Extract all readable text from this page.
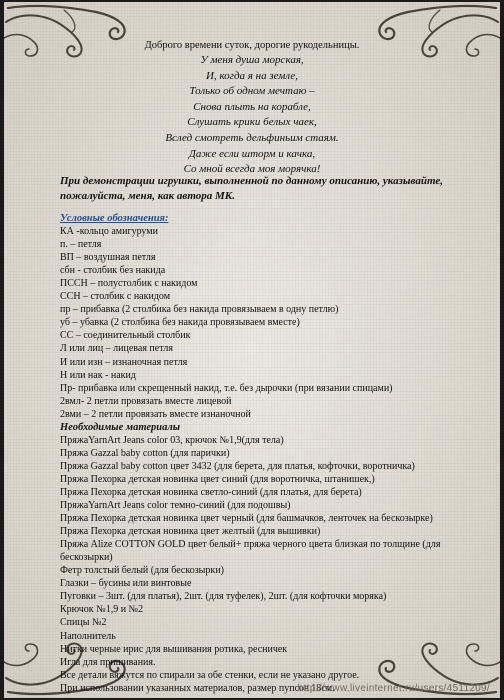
Доброго времени суток, дорогие рукодельницы.
У меня душа морская,
И, когда я на земле,
Только об одном мечтаю –
Снова плыть на корабле,
Слушать крики белых чаек,
Вслед смотреть дельфиньим стаям.
Даже если шторм и качка,
Со мной всегда моя морячка!
При демонстрации игрушки, выполненной по данному описанию, указывайте, пожалуйста, меня, как автора МК.
Условные обозначения:
КА -кольцо амигуруми
п. – петля
ВП – воздушная петля
сбн - столбик без накида
ПССН – полустолбик с накидом
ССН – столбик с накидом
пр – прибавка (2 столбика без накида провязываем в одну петлю)
уб – убавка (2 столбика без накида провязываем вместе)
СС – соединительный столбик
Л или лиц – лицевая петля
И или изн – изнаночная петля
Н или нак - накид
Пр- прибавка или скрещенный накид, т.е. без дырочки (при вязании спицами)
2вмл- 2 петли провязать вместе лицевой
2вми – 2 петли провязать вместе изнаночной
Необходимые материалы
ПряжаYarnArt Jeans color 03, крючок №1,9(для тела)
Пряжа Gazzal baby cotton (для парички)
Пряжа Gazzal baby cotton цвет 3432 (для берета, для платья, кофточки, воротничка)
Пряжа Пехорка детская новинка цвет синий (для воротничка, штанишек,)
Пряжа Пехорка детская новинка светло-синий (для платья, для берета)
ПряжаYarnArt Jeans color темно-синий (для подошвы)
Пряжа Пехорка детская новинка цвет черный (для башмачков, ленточек на бескозырке)
Пряжа Пехорка детская новинка цвет желтый (для вышивки)
Пряжа Alize COTTON GOLD цвет белый+ пряжа черного цвета близкая по толщине (для бескозырки)
Фетр толстый белый (для бескозырки)
Глазки – бусины или винтовые
Пуговки – 3шт. (для платья), 2шт. (для туфелек), 2шт. (для кофточки моряка)
Крючок №1,9 и №2
Спицы №2
Наполнитель
Нитки черные ирис для вышивания ротика, ресничек
Игла для пришивания.
Все детали вяжутся по спирали за обе стенки, если не указано другое.
При использовании указанных материалов, размер пупсов 18см.
http://www.liveinternet.ru/users/4511209/
